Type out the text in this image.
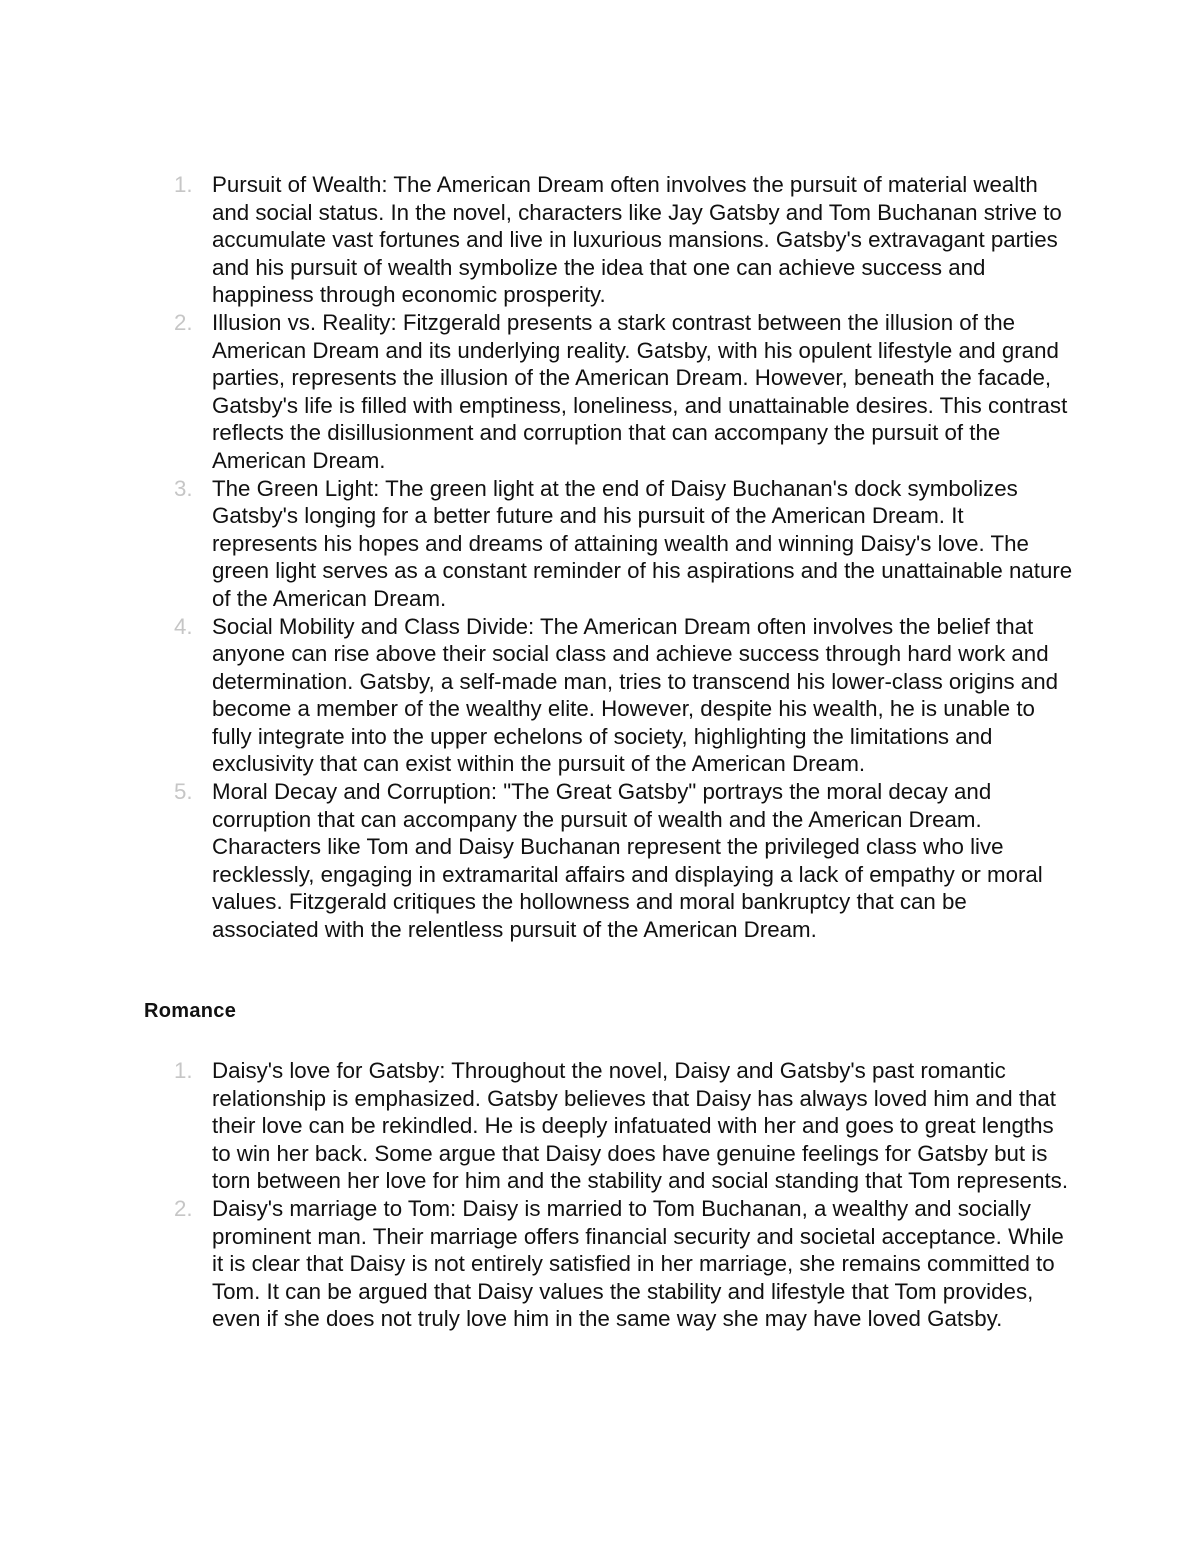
1. Pursuit of Wealth: The American Dream often involves the pursuit of material wealth and social status. In the novel, characters like Jay Gatsby and Tom Buchanan strive to accumulate vast fortunes and live in luxurious mansions. Gatsby's extravagant parties and his pursuit of wealth symbolize the idea that one can achieve success and happiness through economic prosperity.
2. Illusion vs. Reality: Fitzgerald presents a stark contrast between the illusion of the American Dream and its underlying reality. Gatsby, with his opulent lifestyle and grand parties, represents the illusion of the American Dream. However, beneath the facade, Gatsby's life is filled with emptiness, loneliness, and unattainable desires. This contrast reflects the disillusionment and corruption that can accompany the pursuit of the American Dream.
3. The Green Light: The green light at the end of Daisy Buchanan's dock symbolizes Gatsby's longing for a better future and his pursuit of the American Dream. It represents his hopes and dreams of attaining wealth and winning Daisy's love. The green light serves as a constant reminder of his aspirations and the unattainable nature of the American Dream.
4. Social Mobility and Class Divide: The American Dream often involves the belief that anyone can rise above their social class and achieve success through hard work and determination. Gatsby, a self-made man, tries to transcend his lower-class origins and become a member of the wealthy elite. However, despite his wealth, he is unable to fully integrate into the upper echelons of society, highlighting the limitations and exclusivity that can exist within the pursuit of the American Dream.
5. Moral Decay and Corruption: "The Great Gatsby" portrays the moral decay and corruption that can accompany the pursuit of wealth and the American Dream. Characters like Tom and Daisy Buchanan represent the privileged class who live recklessly, engaging in extramarital affairs and displaying a lack of empathy or moral values. Fitzgerald critiques the hollowness and moral bankruptcy that can be associated with the relentless pursuit of the American Dream.
Romance
1. Daisy's love for Gatsby: Throughout the novel, Daisy and Gatsby's past romantic relationship is emphasized. Gatsby believes that Daisy has always loved him and that their love can be rekindled. He is deeply infatuated with her and goes to great lengths to win her back. Some argue that Daisy does have genuine feelings for Gatsby but is torn between her love for him and the stability and social standing that Tom represents.
2. Daisy's marriage to Tom: Daisy is married to Tom Buchanan, a wealthy and socially prominent man. Their marriage offers financial security and societal acceptance. While it is clear that Daisy is not entirely satisfied in her marriage, she remains committed to Tom. It can be argued that Daisy values the stability and lifestyle that Tom provides, even if she does not truly love him in the same way she may have loved Gatsby.
